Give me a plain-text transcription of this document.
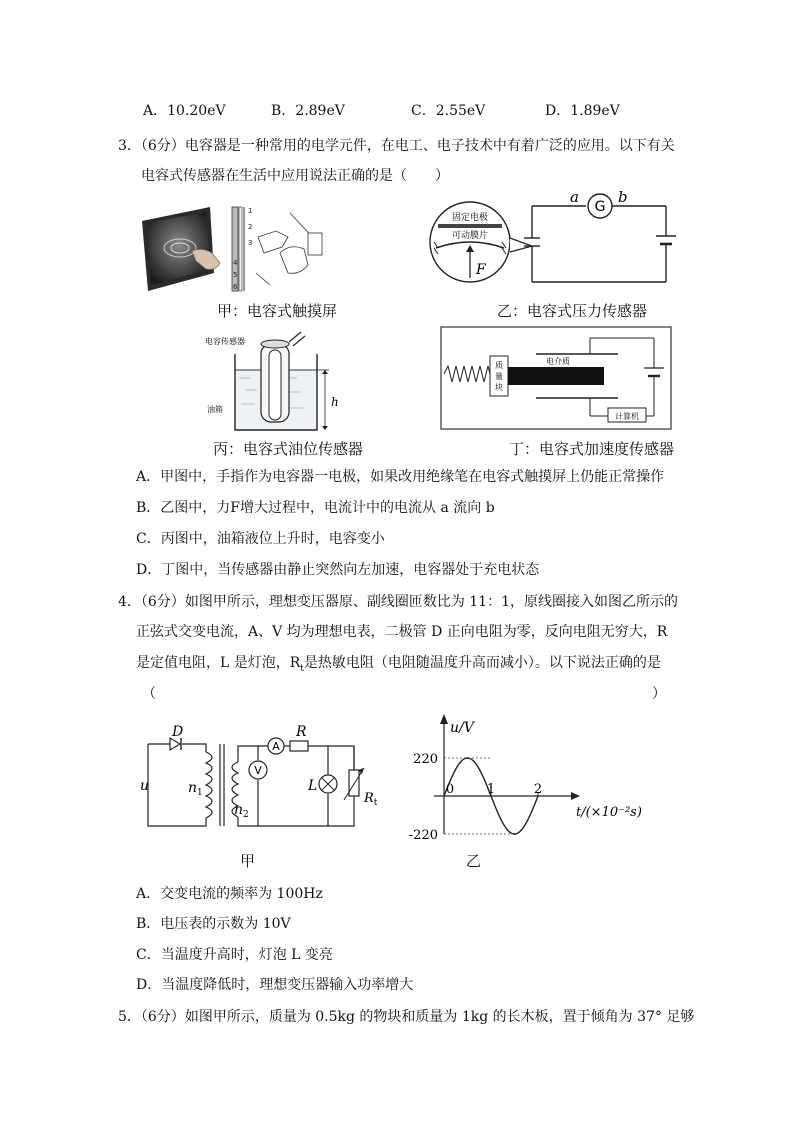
A．10.20eV	B．2.89eV	C．2.55eV	D．1.89eV
3．（6分）电容器是一种常用的电学元件，在电工、电子技术中有着广泛的应用。以下有关
电容式传感器在生活中应用说法正确的是（　　）
1
2
3
4
5
6
甲：电容式触摸屏
固定电极
可动膜片
F
a
G
b
乙：电容式压力传感器
电容传感器
油箱
h
丙：电容式油位传感器
质量块
电介质
计算机
丁：电容式加速度传感器
A．甲图中，手指作为电容器一电极，如果改用绝缘笔在电容式触摸屏上仍能正常操作
B．乙图中，力F增大过程中，电流计中的电流从 a 流向 b
C．丙图中，油箱液位上升时，电容变小
D．丁图中，当传感器由静止突然向左加速，电容器处于充电状态
4．（6分）如图甲所示，理想变压器原、副线圈匝数比为 11：1，原线圈接入如图乙所示的
正弦式交变电流，A、V 均为理想电表，二极管 D 正向电阻为零，反向电阻无穷大，R
是定值电阻，L 是灯泡，$R_t$是热敏电阻（电阻随温度升高而减小）。以下说法正确的是
（	）
D
u	$n_1$
$n_2$
A
V
R
L
$R_t$
甲
u/V
t/(×10⁻²s)
220
-220
0	1	2
乙
A．交变电流的频率为 100Hz
B．电压表的示数为 10V
C．当温度升高时，灯泡 L 变亮
D．当温度降低时，理想变压器输入功率增大
5．（6分）如图甲所示，质量为 0.5kg 的物块和质量为 1kg 的长木板，置于倾角为 37° 足够
